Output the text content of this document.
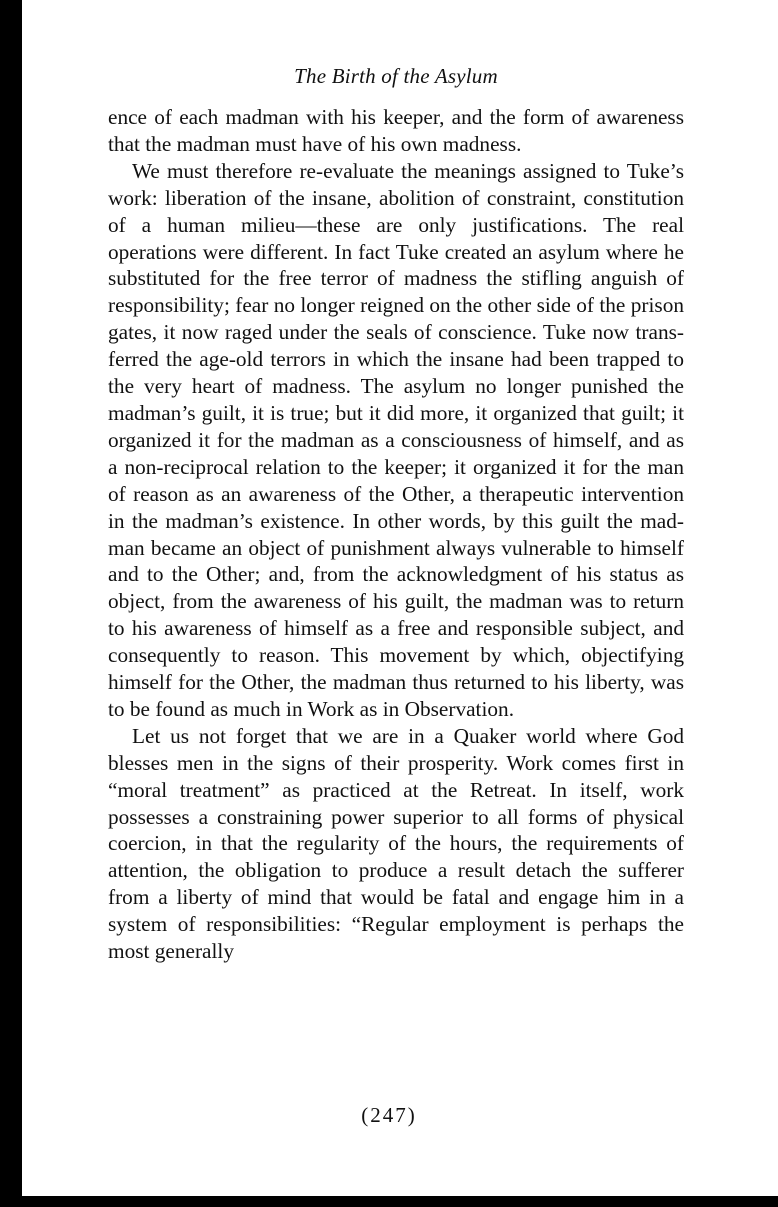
The Birth of the Asylum

ence of each madman with his keeper, and the form of awareness that the madman must have of his own madness.

We must therefore re-evaluate the meanings assigned to Tuke’s work: liberation of the insane, abolition of constraint, constitution of a human milieu—these are only justifications. The real operations were different. In fact Tuke created an asylum where he substituted for the free terror of madness the stifling anguish of responsibility; fear no longer reigned on the other side of the prison gates, it now raged under the seals of conscience. Tuke now transferred the age-old terrors in which the insane had been trapped to the very heart of madness. The asylum no longer punished the madman’s guilt, it is true; but it did more, it organized that guilt; it organized it for the madman as a consciousness of himself, and as a non-reciprocal relation to the keeper; it organized it for the man of reason as an awareness of the Other, a therapeutic intervention in the madman’s existence. In other words, by this guilt the madman became an object of punishment always vulnerable to himself and to the Other; and, from the acknowledgment of his status as object, from the awareness of his guilt, the madman was to return to his awareness of himself as a free and responsible subject, and consequently to reason. This movement by which, objectifying himself for the Other, the madman thus returned to his liberty, was to be found as much in Work as in Observation.

Let us not forget that we are in a Quaker world where God blesses men in the signs of their prosperity. Work comes first in “moral treatment” as practiced at the Retreat. In itself, work possesses a constraining power superior to all forms of physical coercion, in that the regularity of the hours, the requirements of attention, the obligation to produce a result detach the sufferer from a liberty of mind that would be fatal and engage him in a system of responsibilities: “Regular employment is perhaps the most generally

(247)
